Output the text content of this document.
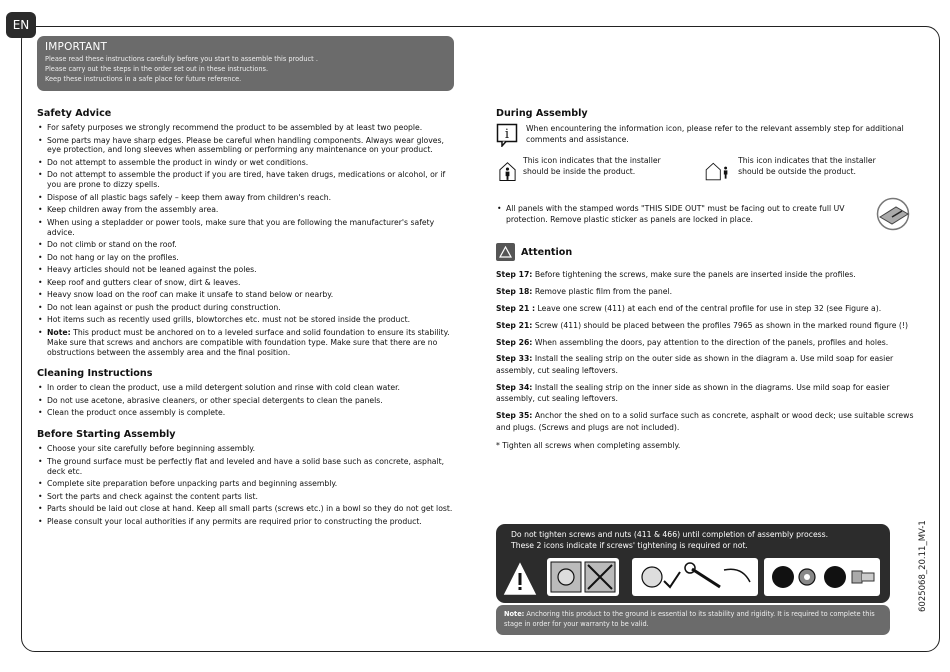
EN
IMPORTANT

Please read these instructions carefully before you start to assemble this product .

Please carry out the steps in the order set out in these instructions.

Keep these instructions in a safe place for future reference.

Safety Advice
• For safety purposes we strongly recommend the product to be assembled by at least two people.
• Some parts may have sharp edges. Please be careful when handling components. Always wear gloves, eye protection, and long sleeves when assembling or performing any maintenance on your product.
• Do not attempt to assemble the product in windy or wet conditions.
• Do not attempt to assemble the product if you are tired, have taken drugs, medications or alcohol, or if you are prone to dizzy spells.
• Dispose of all plastic bags safely – keep them away from children's reach.
• Keep children away from the assembly area.
• When using a stepladder or power tools, make sure that you are following the manufacturer's safety advice.
• Do not climb or stand on the roof.
• Do not hang or lay on the profiles.
• Heavy articles should not be leaned against the poles.
• Keep roof and gutters clear of snow, dirt & leaves.
• Heavy snow load on the roof can make it unsafe to stand below or nearby.
• Do not lean against or push the product during construction.
• Hot items such as recently used grills, blowtorches etc. must not be stored inside the product.
• Note: This product must be anchored on to a leveled surface and solid foundation to ensure its stability. Make sure that screws and anchors are compatible with foundation type. Make sure that there are no obstructions between the assembly area and the final position.
Cleaning Instructions
• In order to clean the product, use a mild detergent solution and rinse with cold clean water.
• Do not use acetone, abrasive cleaners, or other special detergents to clean the panels.
• Clean the product once assembly is complete.
Before Starting Assembly
• Choose your site carefully before beginning assembly.
• The ground surface must be perfectly flat and leveled and have a solid base such as concrete, asphalt, deck etc.
• Complete site preparation before unpacking parts and beginning assembly.
• Sort the parts and check against the content parts list.
• Parts should be laid out close at hand. Keep all small parts (screws etc.) in a bowl so they do not get lost.
• Please consult your local authorities if any permits are required prior to constructing the product.
During Assembly
i When encountering the information icon, please refer to the relevant assembly step for additional comments and assistance.
This icon indicates that the installer should be inside the product.
This icon indicates that the installer should be outside the product.
• All panels with the stamped words "THIS SIDE OUT" must be facing out to create full UV protection. Remove plastic sticker as panels are locked in place.
Attention

Step 17: Before tightening the screws, make sure the panels are inserted inside the profiles.

Step 18: Remove plastic film from the panel.

Step 21 : Leave one screw (411) at each end of the central profile for use in step 32 (see Figure a).

Step 21: Screw (411) should be placed between the profiles 7965 as shown in the marked round figure (!)

Step 26: When assembling the doors, pay attention to the direction of the panels, profiles and holes.

Step 33: Install the sealing strip on the outer side as shown in the diagram a. Use mild soap for easier assembly, cut sealing leftovers.

Step 34: Install the sealing strip on the inner side as shown in the diagrams. Use mild soap for easier assembly, cut sealing leftovers.

Step 35: Anchor the shed on to a solid surface such as concrete, asphalt or wood deck; use suitable screws and plugs. (Screws and plugs are not included).

* Tighten all screws when completing assembly.

Do not tighten screws and nuts (411 & 466) until completion of assembly process.
These 2 icons indicate if screws' tightening is required or not.
Note: Anchoring this product to the ground is essential to its stability and rigidity. It is required to complete this stage in order for your warranty to be valid.
6025068_20.11_MV-1
